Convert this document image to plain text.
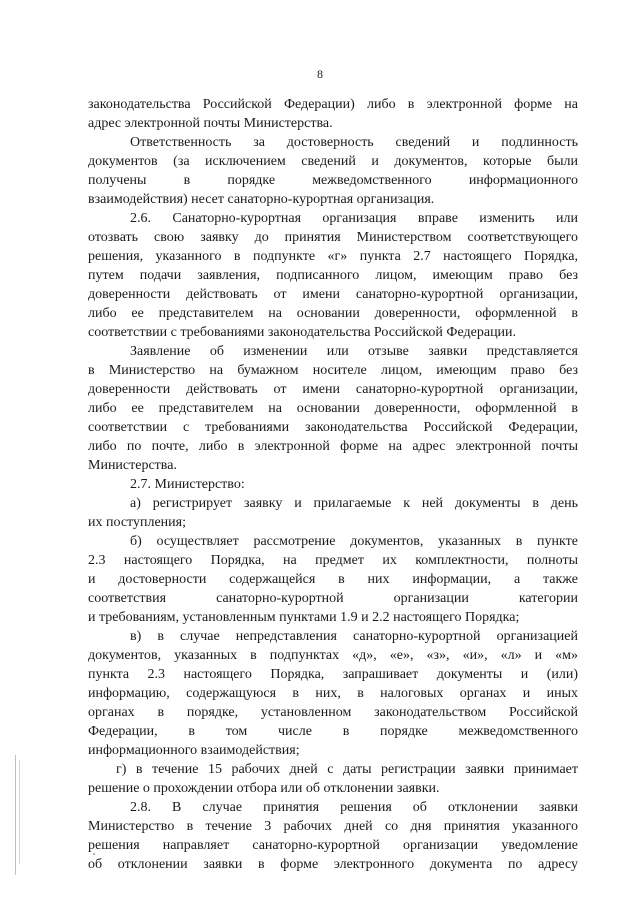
8
законодательства Российской Федерации) либо в электронной форме на
адрес электронной почты Министерства.
Ответственность за достоверность сведений и подлинность
документов (за исключением сведений и документов, которые были
получены в порядке межведомственного информационного
взаимодействия) несет санаторно-курортная организация.
2.6. Санаторно-курортная организация вправе изменить или
отозвать свою заявку до принятия Министерством соответствующего
решения, указанного в подпункте «г» пункта 2.7 настоящего Порядка,
путем подачи заявления, подписанного лицом, имеющим право без
доверенности действовать от имени санаторно-курортной организации,
либо ее представителем на основании доверенности, оформленной в
соответствии с требованиями законодательства Российской Федерации.
Заявление об изменении или отзыве заявки представляется
в Министерство на бумажном носителе лицом, имеющим право без
доверенности действовать от имени санаторно-курортной организации,
либо ее представителем на основании доверенности, оформленной в
соответствии с требованиями законодательства Российской Федерации,
либо по почте, либо в электронной форме на адрес электронной почты
Министерства.
2.7. Министерство:
а) регистрирует заявку и прилагаемые к ней документы в день
их поступления;
б) осуществляет рассмотрение документов, указанных в пункте
2.3 настоящего Порядка, на предмет их комплектности, полноты
и достоверности содержащейся в них информации, а также
соответствия санаторно-курортной организации категории
и требованиям, установленным пунктами 1.9 и 2.2 настоящего Порядка;
в) в случае непредставления санаторно-курортной организацией
документов, указанных в подпунктах «д», «е», «з», «и», «л» и «м»
пункта 2.3 настоящего Порядка, запрашивает документы и (или)
информацию, содержащуюся в них, в налоговых органах и иных
органах в порядке, установленном законодательством Российской
Федерации, в том числе в порядке межведомственного
информационного взаимодействия;
г) в течение 15 рабочих дней с даты регистрации заявки принимает
решение о прохождении отбора или об отклонении заявки.
2.8. В случае принятия решения об отклонении заявки
Министерство в течение 3 рабочих дней со дня принятия указанного
решения направляет санаторно-курортной организации уведомление
об отклонении заявки в форме электронного документа по адресу
